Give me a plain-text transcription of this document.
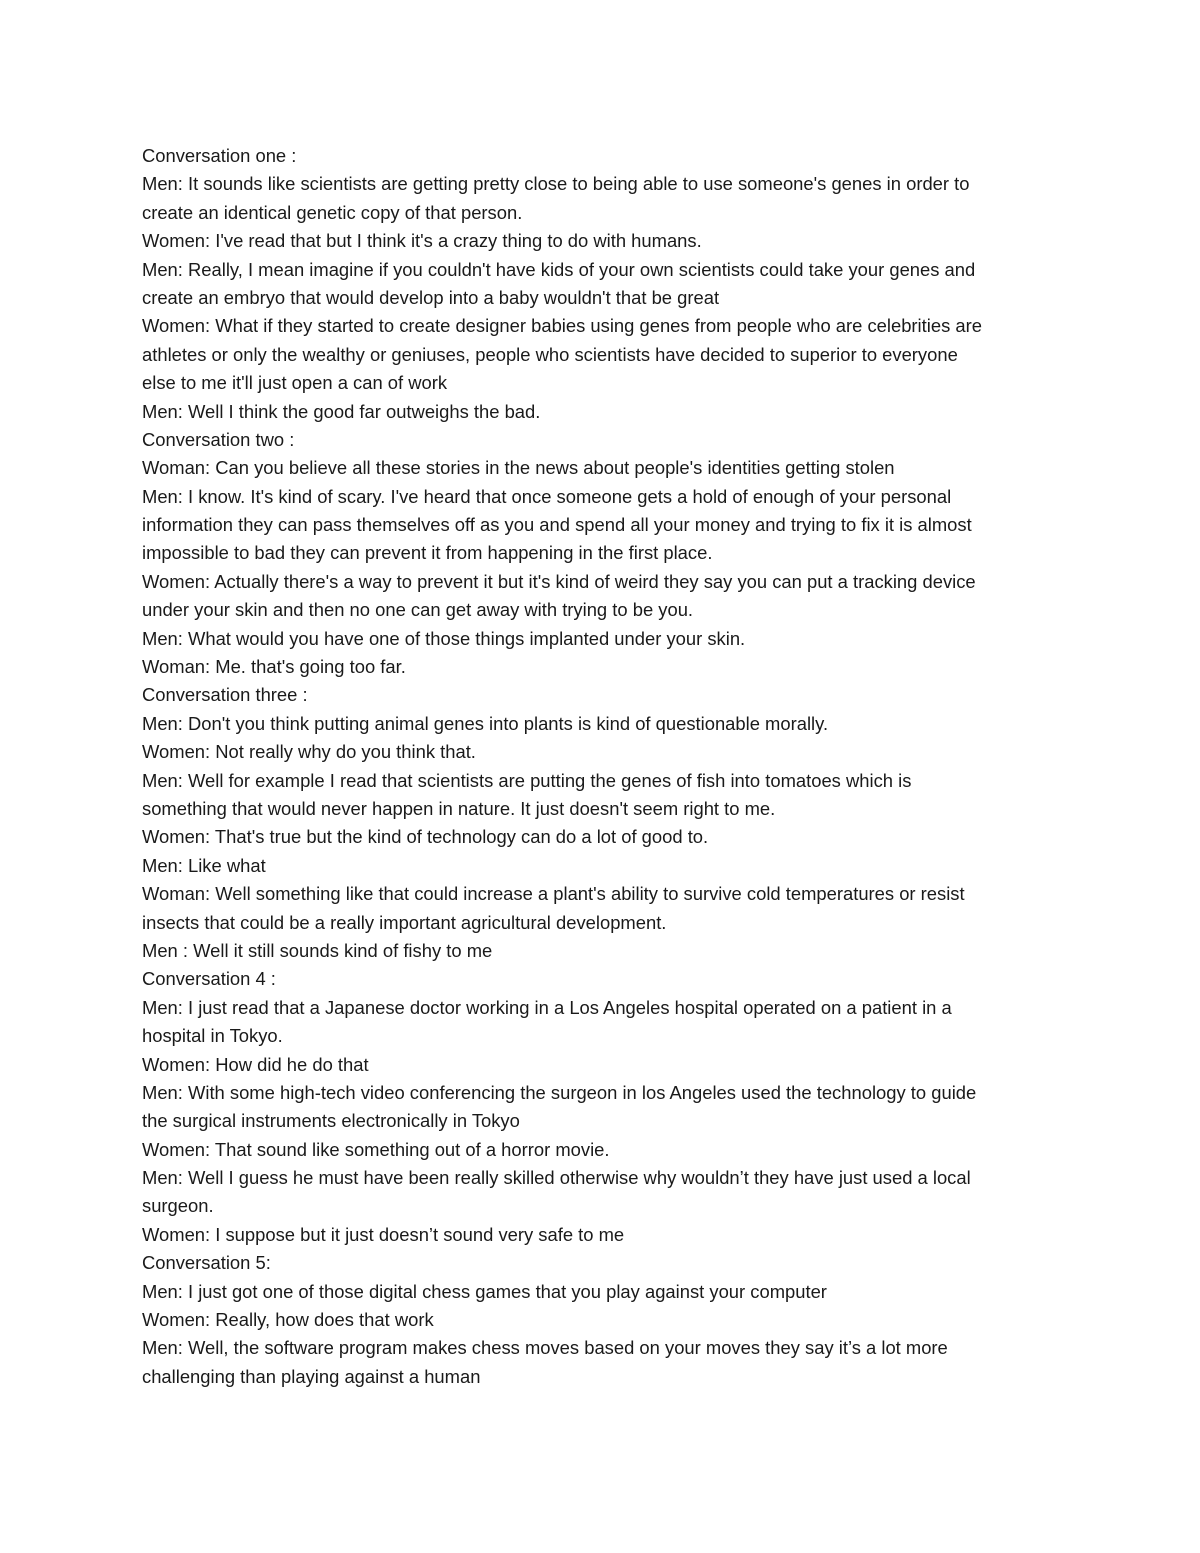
Conversation one :
Men: It sounds like scientists are getting pretty close to being able to use someone's genes in order to
create an identical genetic copy of that person.
Women: I've read that but I think it's a crazy thing to do with humans.
Men: Really, I mean imagine if you couldn't have kids of your own scientists could take your genes and
create an embryo that would develop into a baby wouldn't that be great
Women: What if they started to create designer babies using genes from people who are celebrities are
athletes or only the wealthy or geniuses, people who scientists have decided to superior to everyone
else to me it'll just open a can of work
Men: Well I think the good far outweighs the bad.
Conversation two :
Woman: Can you believe all these stories in the news about people's identities getting stolen
Men: I know. It's kind of scary. I've heard that once someone gets a hold of enough of your personal
information they can pass themselves off as you and spend all your money and trying to fix it is almost
impossible to bad they can prevent it from happening in the first place.
Women: Actually there's a way to prevent it but it's kind of weird they say you can put a tracking device
under your skin and then no one can get away with trying to be you.
Men: What would you have one of those things implanted under your skin.
Woman: Me. that's going too far.
Conversation three :
Men: Don't you think putting animal genes into plants is kind of questionable morally.
Women: Not really why do you think that.
Men: Well for example I read that scientists are putting the genes of fish into tomatoes which is
something that would never happen in nature. It just doesn't seem right to me.
Women: That's true but the kind of technology can do a lot of good to.
Men: Like what
Woman: Well something like that could increase a plant's ability to survive cold temperatures or resist
insects that could be a really important agricultural development.
Men : Well it still sounds kind of fishy to me
Conversation 4 :
Men: I just read that a Japanese doctor working in a Los Angeles hospital operated on a patient in a
hospital in Tokyo.
Women: How did he do that
Men: With some high-tech video conferencing the surgeon in los Angeles used the technology to guide
the surgical instruments electronically in Tokyo
Women: That sound like something out of a horror movie.
Men: Well I guess he must have been really skilled otherwise why wouldn’t they have just used a local
surgeon.
Women: I suppose but it just doesn’t sound very safe to me
Conversation 5:
Men: I just got one of those digital chess games that you play against your computer
Women: Really, how does that work
Men: Well, the software program makes chess moves based on your moves they say it’s a lot more
challenging than playing against a human
